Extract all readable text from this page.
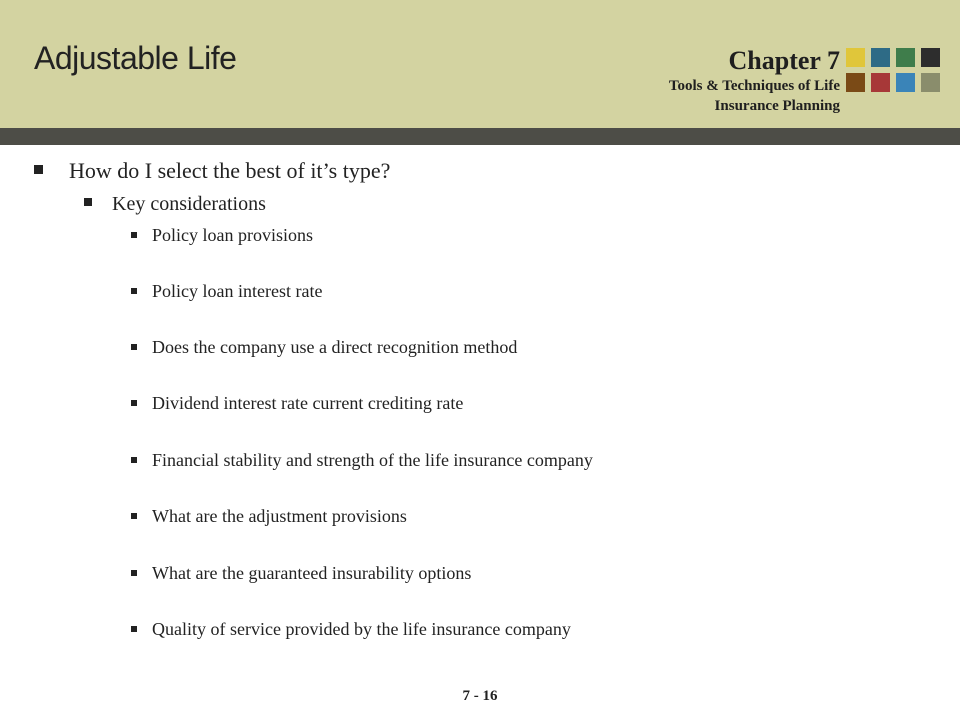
Adjustable Life	Chapter 7
Tools & Techniques of Life
Insurance Planning
How do I select the best of it’s type?
Key considerations
Policy loan provisions
Policy loan interest rate
Does the company use a direct recognition method
Dividend interest rate current crediting rate
Financial stability and strength of the life insurance company
What are the adjustment provisions
What are the guaranteed insurability options
Quality of service provided by the life insurance company
7 - 16
